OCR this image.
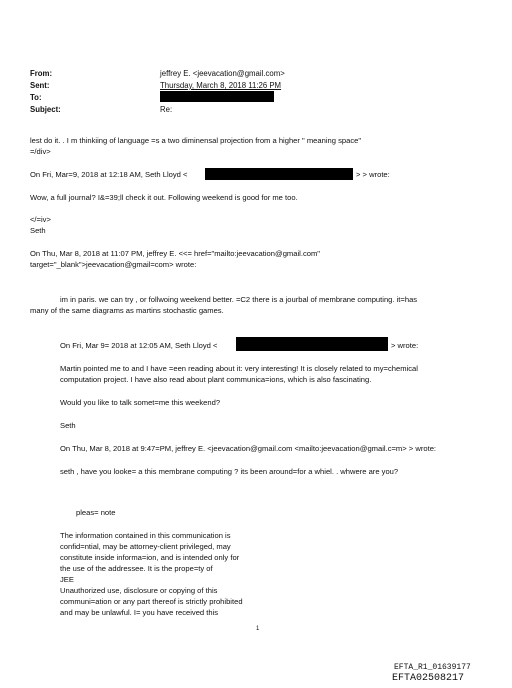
From:	jeffrey E. <jeevacation@gmail.com>
Sent:	Thursday, March 8, 2018 11:26 PM
To:
Subject:	Re:
lest do it. . I m thinkiing of language =s a two diminensal projection from a higher " meaning space"
=/div>
On Fri, Mar=9, 2018 at 12:18 AM, Seth Lloyd <	> > wrote:
Wow, a full journal? I&=39;ll check it out. Following weekend is good for me too.
</=iv>
Seth
On Thu, Mar 8, 2018 at 11:07 PM, jeffrey E. <<= href="mailto:jeevacation@gmail.com"
target="_blank">jeevacation@gmail=com> wrote:
im in paris. we can try , or follwoing weekend better. =C2 there is a jourbal of membrane computing. it=has
many of the same diagrams as martins stochastic games.
On Fri, Mar 9= 2018 at 12:05 AM, Seth Lloyd <	> wrote:
Martin pointed me to and I have =een reading about it: very interesting! It is closely related to my=chemical
computation project. I have also read about plant communica=ions, which is also fascinating.
Would you like to talk somet=me this weekend?
Seth
On Thu, Mar 8, 2018 at 9:47=PM, jeffrey E. <jeevacation@gmail.com <mailto:jeevacation@gmail.c=m> > wrote:
seth , have you looke= a this membrane computing ? its been around=for a whiel. . whwere are you?
pleas= note
The information contained in this communication is
confid=ntial, may be attorney-client privileged, may
constitute inside informa=ion, and is intended only for
the use of the addressee. It is the prope=ty of
JEE
Unauthorized use, disclosure or copying of this
communi=ation or any part thereof is strictly prohibited
and may be unlawful. I= you have received this
1
EFTA_R1_01639177
EFTA02508217
